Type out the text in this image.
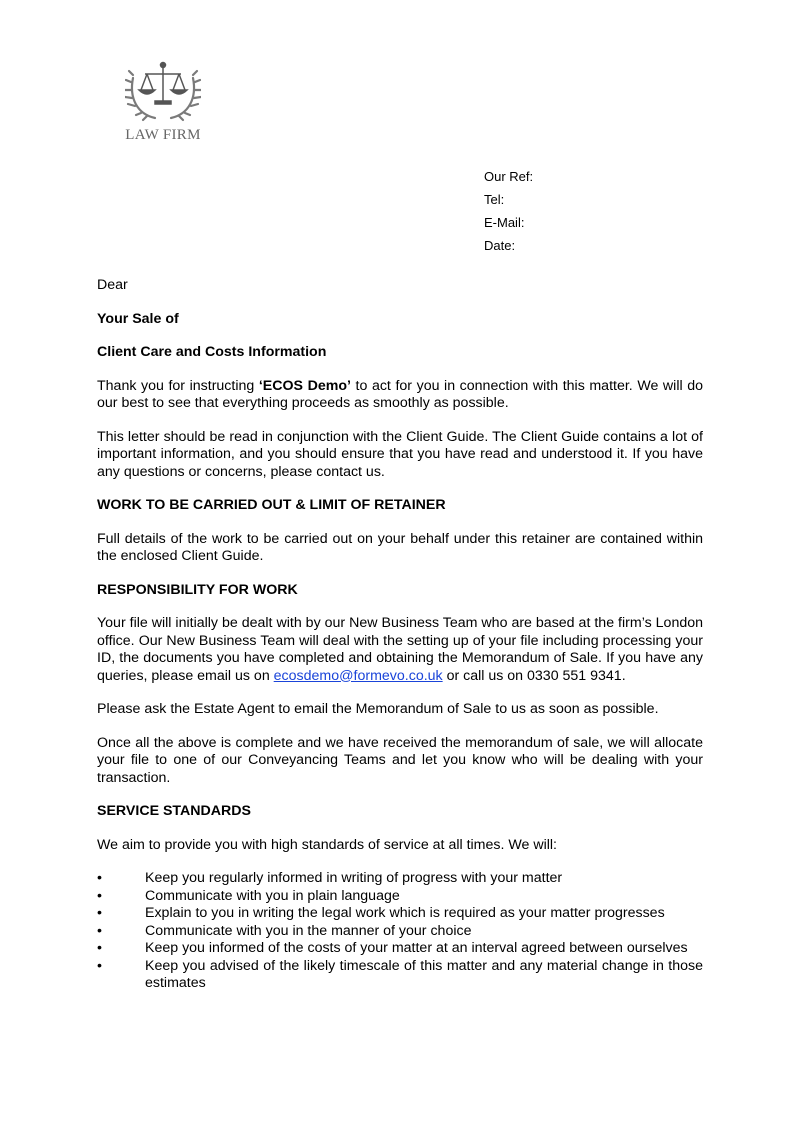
LAW FIRM
Our Ref:
Tel:
E-Mail:
Date:

Dear

Your Sale of

Client Care and Costs Information

Thank you for instructing ‘ECOS Demo’ to act for you in connection with this matter. We will do our best to see that everything proceeds as smoothly as possible.

This letter should be read in conjunction with the Client Guide. The Client Guide contains a lot of important information, and you should ensure that you have read and understood it. If you have any questions or concerns, please contact us.

WORK TO BE CARRIED OUT & LIMIT OF RETAINER

Full details of the work to be carried out on your behalf under this retainer are contained within the enclosed Client Guide.

RESPONSIBILITY FOR WORK

Your file will initially be dealt with by our New Business Team who are based at the firm’s London office. Our New Business Team will deal with the setting up of your file including processing your ID, the documents you have completed and obtaining the Memorandum of Sale. If you have any queries, please email us on ecosdemo@formevo.co.uk or call us on 0330 551 9341.

Please ask the Estate Agent to email the Memorandum of Sale to us as soon as possible.

Once all the above is complete and we have received the memorandum of sale, we will allocate your file to one of our Conveyancing Teams and let you know who will be dealing with your transaction.

SERVICE STANDARDS

We aim to provide you with high standards of service at all times. We will:

•	Keep you regularly informed in writing of progress with your matter
•	Communicate with you in plain language
•	Explain to you in writing the legal work which is required as your matter progresses
•	Communicate with you in the manner of your choice
•	Keep you informed of the costs of your matter at an interval agreed between ourselves
•	Keep you advised of the likely timescale of this matter and any material change in those estimates
